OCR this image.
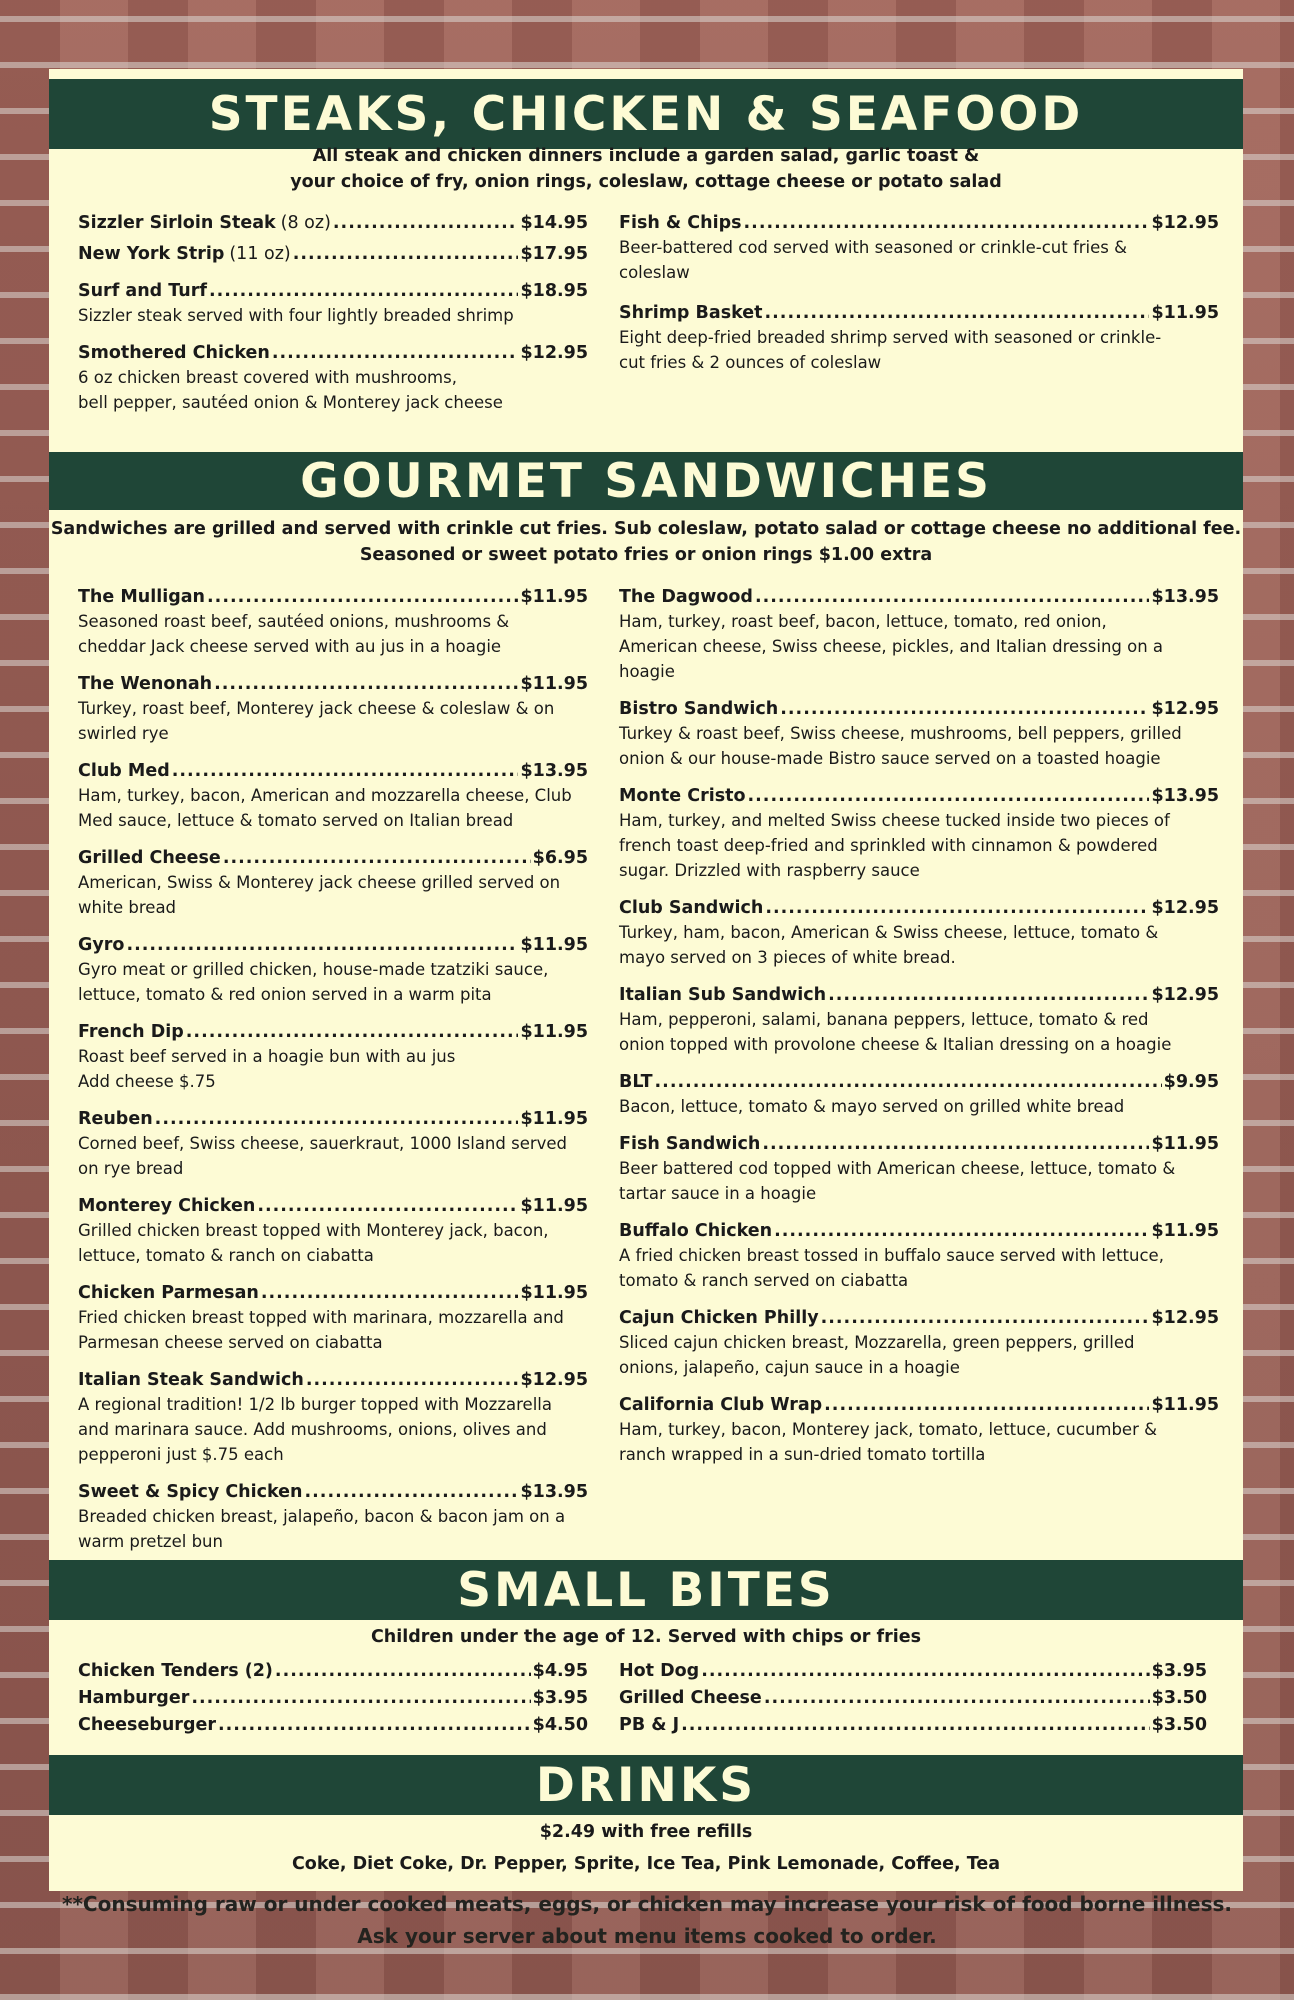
STEAKS, CHICKEN & SEAFOOD
All steak and chicken dinners include a garden salad, garlic toast &
your choice of fry, onion rings, coleslaw, cottage cheese or potato salad
Sizzler Sirloin Steak (8 oz) .....	$14.95
New York Strip (11 oz) .....	$17.95
Surf and Turf .....	$18.95
Sizzler steak served with four lightly breaded shrimp
Smothered Chicken .....	$12.95
6 oz chicken breast covered with mushrooms,
bell pepper, sautéed onion & Monterey jack cheese
Fish & Chips .....	$12.95
Beer-battered cod served with seasoned or crinkle-cut fries &
coleslaw
Shrimp Basket .....	$11.95
Eight deep-fried breaded shrimp served with seasoned or crinkle-
cut fries & 2 ounces of coleslaw
GOURMET SANDWICHES
Sandwiches are grilled and served with crinkle cut fries. Sub coleslaw, potato salad or cottage cheese no additional fee.
Seasoned or sweet potato fries or onion rings $1.00 extra
The Mulligan .....	$11.95
Seasoned roast beef, sautéed onions, mushrooms &
cheddar Jack cheese served with au jus in a hoagie
The Wenonah .....	$11.95
Turkey, roast beef, Monterey jack cheese & coleslaw & on
swirled rye
Club Med .....	$13.95
Ham, turkey, bacon, American and mozzarella cheese, Club
Med sauce, lettuce & tomato served on Italian bread
Grilled Cheese .....	$6.95
American, Swiss & Monterey jack cheese grilled served on
white bread
Gyro .....	$11.95
Gyro meat or grilled chicken, house-made tzatziki sauce,
lettuce, tomato & red onion served in a warm pita
French Dip .....	$11.95
Roast beef served in a hoagie bun with au jus
Add cheese $.75
Reuben .....	$11.95
Corned beef, Swiss cheese, sauerkraut, 1000 Island served
on rye bread
Monterey Chicken .....	$11.95
Grilled chicken breast topped with Monterey jack, bacon,
lettuce, tomato & ranch on ciabatta
Chicken Parmesan .....	$11.95
Fried chicken breast topped with marinara, mozzarella and
Parmesan cheese served on ciabatta
Italian Steak Sandwich .....	$12.95
A regional tradition! 1/2 lb burger topped with Mozzarella
and marinara sauce. Add mushrooms, onions, olives and
pepperoni just $.75 each
Sweet & Spicy Chicken .....	$13.95
Breaded chicken breast, jalapeño, bacon & bacon jam on a
warm pretzel bun
The Dagwood .....	$13.95
Ham, turkey, roast beef, bacon, lettuce, tomato, red onion,
American cheese, Swiss cheese, pickles, and Italian dressing on a
hoagie
Bistro Sandwich .....	$12.95
Turkey & roast beef, Swiss cheese, mushrooms, bell peppers, grilled
onion & our house-made Bistro sauce served on a toasted hoagie
Monte Cristo .....	$13.95
Ham, turkey, and melted Swiss cheese tucked inside two pieces of
french toast deep-fried and sprinkled with cinnamon & powdered
sugar. Drizzled with raspberry sauce
Club Sandwich .....	$12.95
Turkey, ham, bacon, American & Swiss cheese, lettuce, tomato &
mayo served on 3 pieces of white bread.
Italian Sub Sandwich .....	$12.95
Ham, pepperoni, salami, banana peppers, lettuce, tomato & red
onion topped with provolone cheese & Italian dressing on a hoagie
BLT .....	$9.95
Bacon, lettuce, tomato & mayo served on grilled white bread
Fish Sandwich .....	$11.95
Beer battered cod topped with American cheese, lettuce, tomato &
tartar sauce in a hoagie
Buffalo Chicken .....	$11.95
A fried chicken breast tossed in buffalo sauce served with lettuce,
tomato & ranch served on ciabatta
Cajun Chicken Philly .....	$12.95
Sliced cajun chicken breast, Mozzarella, green peppers, grilled
onions, jalapeño, cajun sauce in a hoagie
California Club Wrap .....	$11.95
Ham, turkey, bacon, Monterey jack, tomato, lettuce, cucumber &
ranch wrapped in a sun-dried tomato tortilla
SMALL BITES
Children under the age of 12. Served with chips or fries
Chicken Tenders (2) .....	$4.95
Hamburger .....	$3.95
Cheeseburger .....	$4.50
Hot Dog .....	$3.95
Grilled Cheese .....	$3.50
PB & J .....	$3.50
DRINKS
$2.49 with free refills
Coke, Diet Coke, Dr. Pepper, Sprite, Ice Tea, Pink Lemonade, Coffee, Tea
**Consuming raw or under cooked meats, eggs, or chicken may increase your risk of food borne illness.
Ask your server about menu items cooked to order.
